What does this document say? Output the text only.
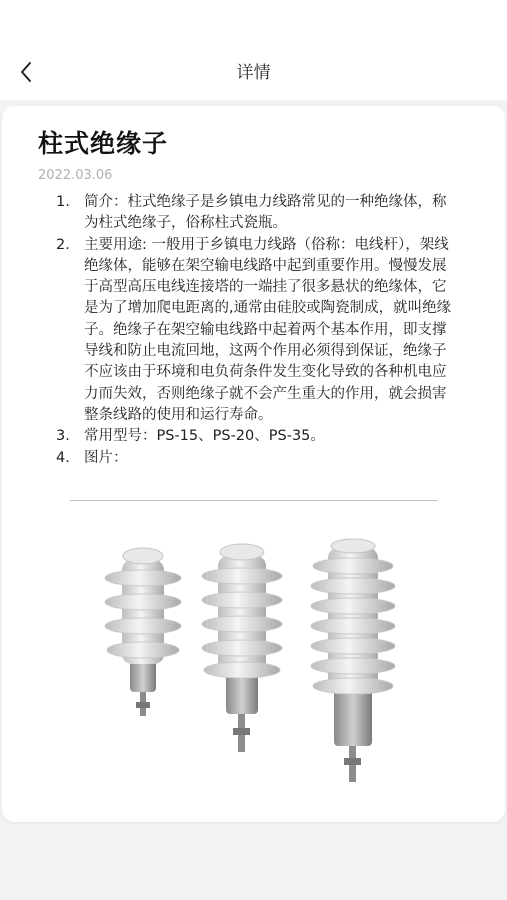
详情
柱式绝缘子
2022.03.06
1. 简介：柱式绝缘子是乡镇电力线路常见的一种绝缘体，称为柱式绝缘子，俗称柱式瓷瓶。
2. 主要用途: 一般用于乡镇电力线路（俗称：电线杆），架线绝缘体，能够在架空输电线路中起到重要作用。慢慢发展于高型高压电线连接塔的一端挂了很多悬状的绝缘体，它是为了增加爬电距离的,通常由硅胶或陶瓷制成，就叫绝缘子。绝缘子在架空输电线路中起着两个基本作用，即支撑导线和防止电流回地，这两个作用必须得到保证，绝缘子不应该由于环境和电负荷条件发生变化导致的各种机电应力而失效，否则绝缘子就不会产生重大的作用，就会损害整条线路的使用和运行寿命。
3. 常用型号：PS-15、PS-20、PS-35。
4. 图片：
